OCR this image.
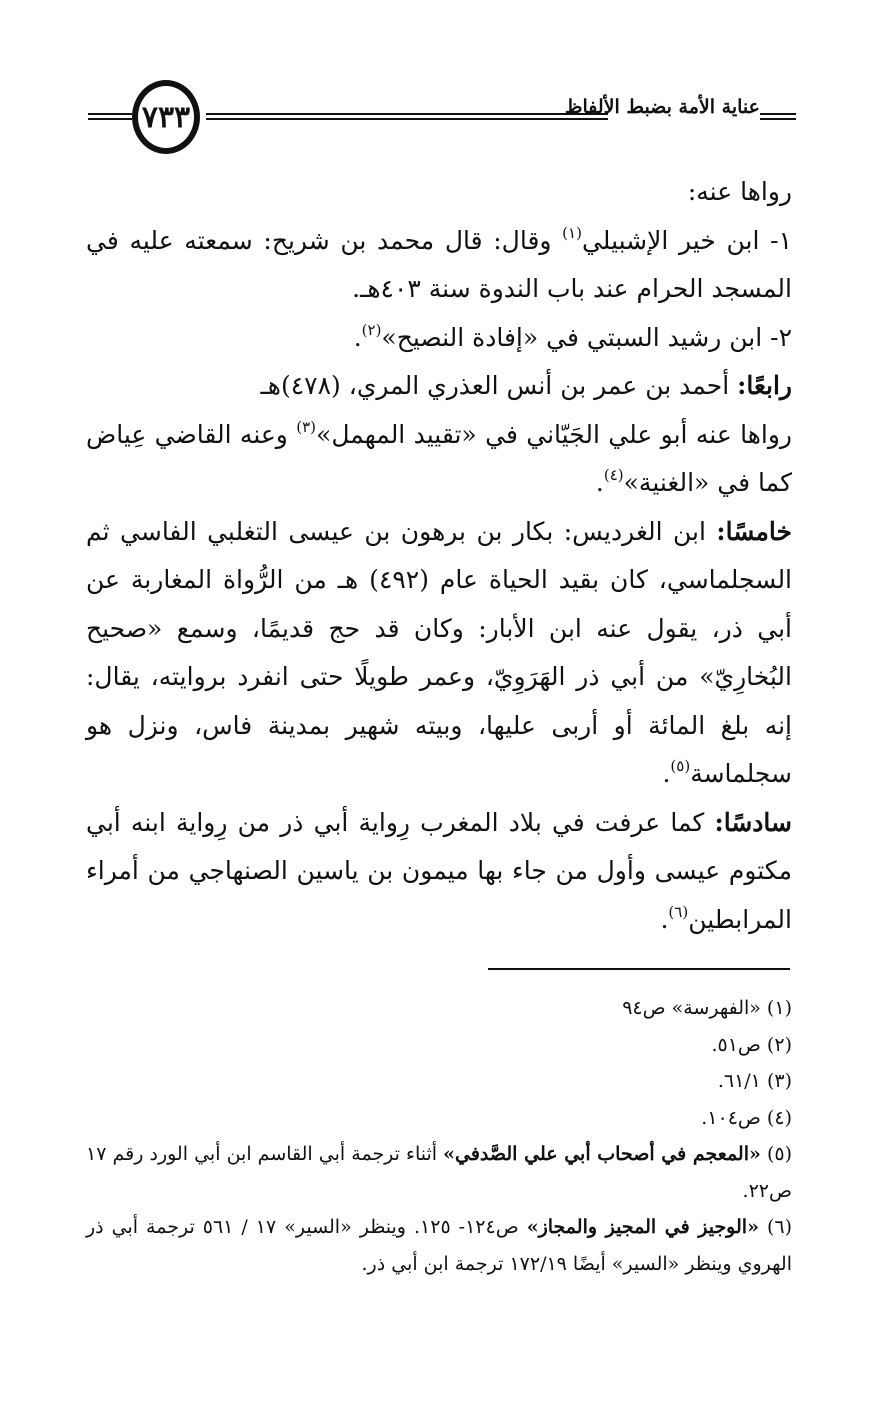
٧٣٣	عناية الأمة بضبط الألفاظ

رواها عنه:

١- ابن خير الإشبيلي$^{(١)}$ وقال: قال محمد بن شريح: سمعته عليه في المسجد الحرام عند باب الندوة سنة ٤٠٣هـ.

٢- ابن رشيد السبتي في «إفادة النصيح»$^{(٢)}$.

رابعًا: أحمد بن عمر بن أنس العذري المري، (٤٧٨)هـ

رواها عنه أبو علي الجَيّاني في «تقييد المهمل»$^{(٣)}$ وعنه القاضي عِياض كما في «الغنية»$^{(٤)}$.

خامسًا: ابن الغرديس: بكار بن برهون بن عيسى التغلبي الفاسي ثم السجلماسي، كان بقيد الحياة عام (٤٩٢) هـ من الرُّواة المغاربة عن أبي ذر، يقول عنه ابن الأبار: وكان قد حج قديمًا، وسمع «صحيح البُخارِيّ» من أبي ذر الهَرَوِيّ، وعمر طويلًا حتى انفرد بروايته، يقال: إنه بلغ المائة أو أربى عليها، وبيته شهير بمدينة فاس، ونزل هو سجلماسة$^{(٥)}$.

سادسًا: كما عرفت في بلاد المغرب رِواية أبي ذر من رِواية ابنه أبي مكتوم عيسى وأول من جاء بها ميمون بن ياسين الصنهاجي من أمراء المرابطين$^{(٦)}$.

(١) «الفهرسة» ص٩٤

(٢) ص٥١.

(٣) ٦١/١.

(٤) ص١٠٤.

(٥) «المعجم في أصحاب أبي علي الصَّدفي» أثناء ترجمة أبي القاسم ابن أبي الورد رقم ١٧ ص٢٢.

(٦) «الوجيز في المجيز والمجاز» ص١٢٤- ١٢٥. وينظر «السير» ١٧ / ٥٦١ ترجمة أبي ذر الهروي وينظر «السير» أيضًا ١٧٢/١٩ ترجمة ابن أبي ذر.
